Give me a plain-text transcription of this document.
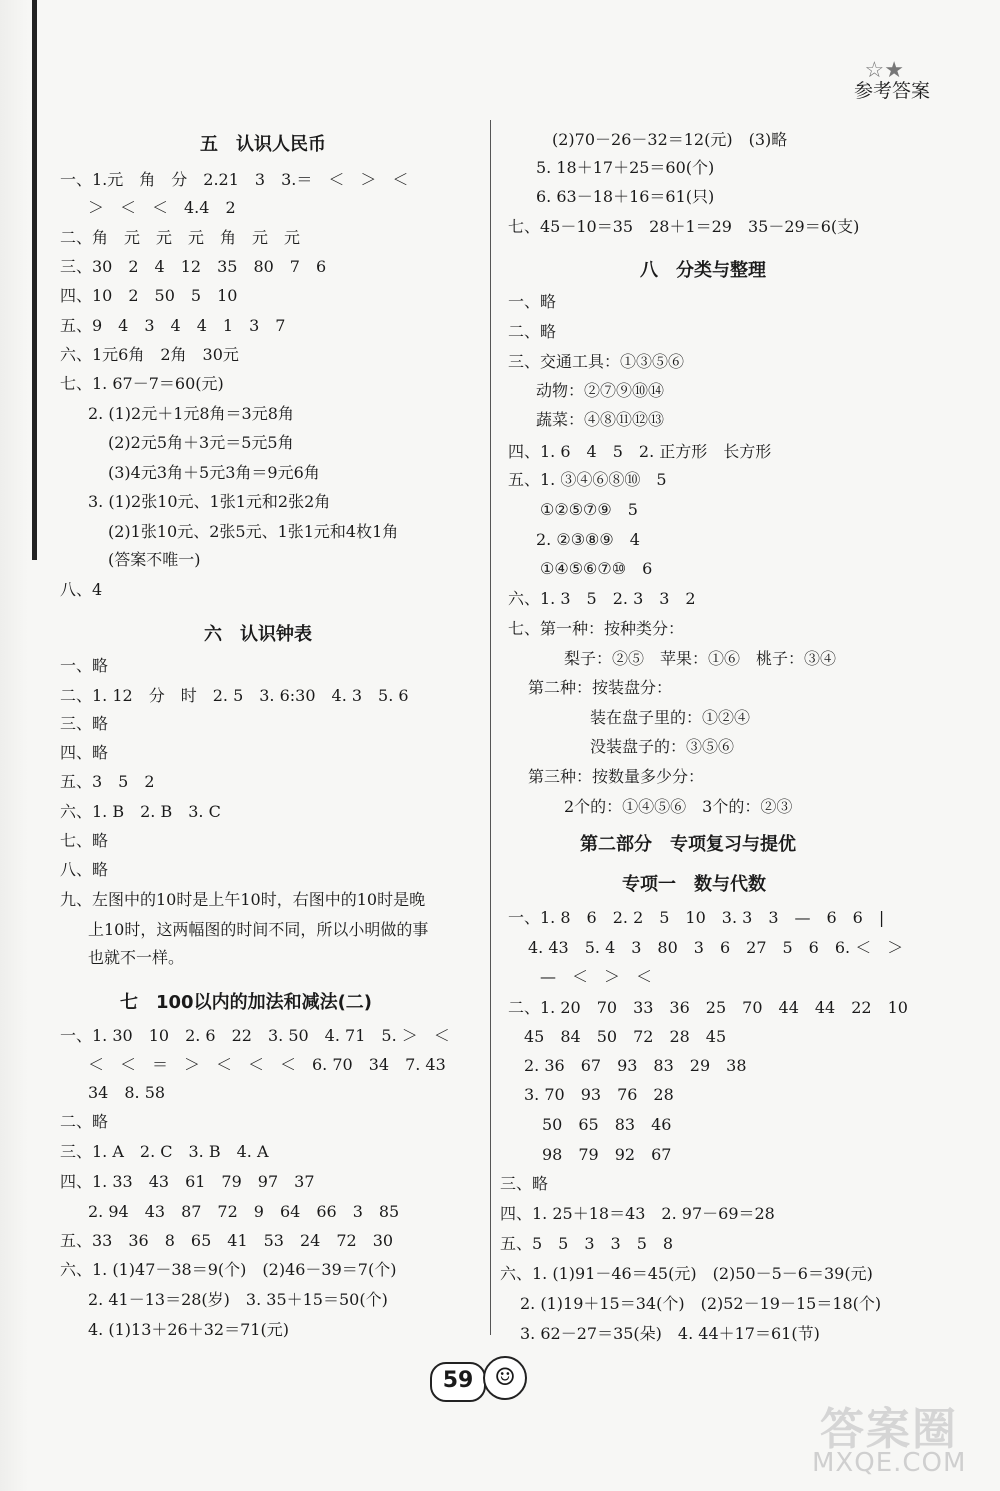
☆★
参考答案
五　认识人民币
一、1.元　角　分　2.21　3　3.＝　＜　＞　＜
＞　＜　＜　4.4　2
二、角　元　元　元　角　元　元
三、30　2　4　12　35　80　7　6
四、10　2　50　5　10
五、9　4　3　4　4　1　3　7
六、1元6角　2角　30元
七、1. 67－7＝60(元)
2. (1)2元＋1元8角＝3元8角
(2)2元5角＋3元＝5元5角
(3)4元3角＋5元3角＝9元6角
3. (1)2张10元、1张1元和2张2角
(2)1张10元、2张5元、1张1元和4枚1角
(答案不唯一)
八、4
六　认识钟表
一、略
二、1. 12　分　时　2. 5　3. 6:30　4. 3　5. 6
三、略
四、略
五、3　5　2
六、1. B　2. B　3. C
七、略
八、略
九、左图中的10时是上午10时，右图中的10时是晚
上10时，这两幅图的时间不同，所以小明做的事
也就不一样。
七　100以内的加法和减法(二)
一、1. 30　10　2. 6　22　3. 50　4. 71　5. ＞　＜
＜　＜　＝　＞　＜　＜　＜　6. 70　34　7. 43
34　8. 58
二、略
三、1. A　2. C　3. B　4. A
四、1. 33　43　61　79　97　37
2. 94　43　87　72　9　64　66　3　85
五、33　36　8　65　41　53　24　72　30
六、1. (1)47－38＝9(个)　(2)46－39＝7(个)
2. 41－13＝28(岁)　3. 35＋15＝50(个)
4. (1)13＋26＋32＝71(元)
(2)70－26－32＝12(元)　(3)略
5. 18＋17＋25＝60(个)
6. 63－18＋16＝61(只)
七、45－10＝35　28＋1＝29　35－29＝6(支)
八　分类与整理
一、略
二、略
三、交通工具：①③⑤⑥
动物：②⑦⑨⑩⑭
蔬菜：④⑧⑪⑫⑬
四、1. 6　4　5　2. 正方形　长方形
五、1. ③④⑥⑧⑩　5
①②⑤⑦⑨　5
2. ②③⑧⑨　4
①④⑤⑥⑦⑩　6
六、1. 3　5　2. 3　3　2
七、第一种：按种类分：
梨子：②⑤　苹果：①⑥　桃子：③④
第二种：按装盘分：
装在盘子里的：①②④
没装盘子的：③⑤⑥
第三种：按数量多少分：
2个的：①④⑤⑥　3个的：②③
第二部分　专项复习与提优
专项一　数与代数
一、1. 8　6　2. 2　5　10　3. 3　3　—　6　6　|
4. 43　5. 4　3　80　3　6　27　5　6　6. ＜　＞
—　＜　＞　＜
二、1. 20　70　33　36　25　70　44　44　22　10
45　84　50　72　28　45
2. 36　67　93　83　29　38
3. 70　93　76　28
50　65　83　46
98　79　92　67
三、略
四、1. 25＋18＝43　2. 97－69＝28
五、5　5　3　3　5　8
六、1. (1)91－46＝45(元)　(2)50－5－6＝39(元)
2. (1)19＋15＝34(个)　(2)52－19－15＝18(个)
3. 62－27＝35(朵)　4. 44＋17＝61(节)
59 ☺
答案圈
MXQE.COM
